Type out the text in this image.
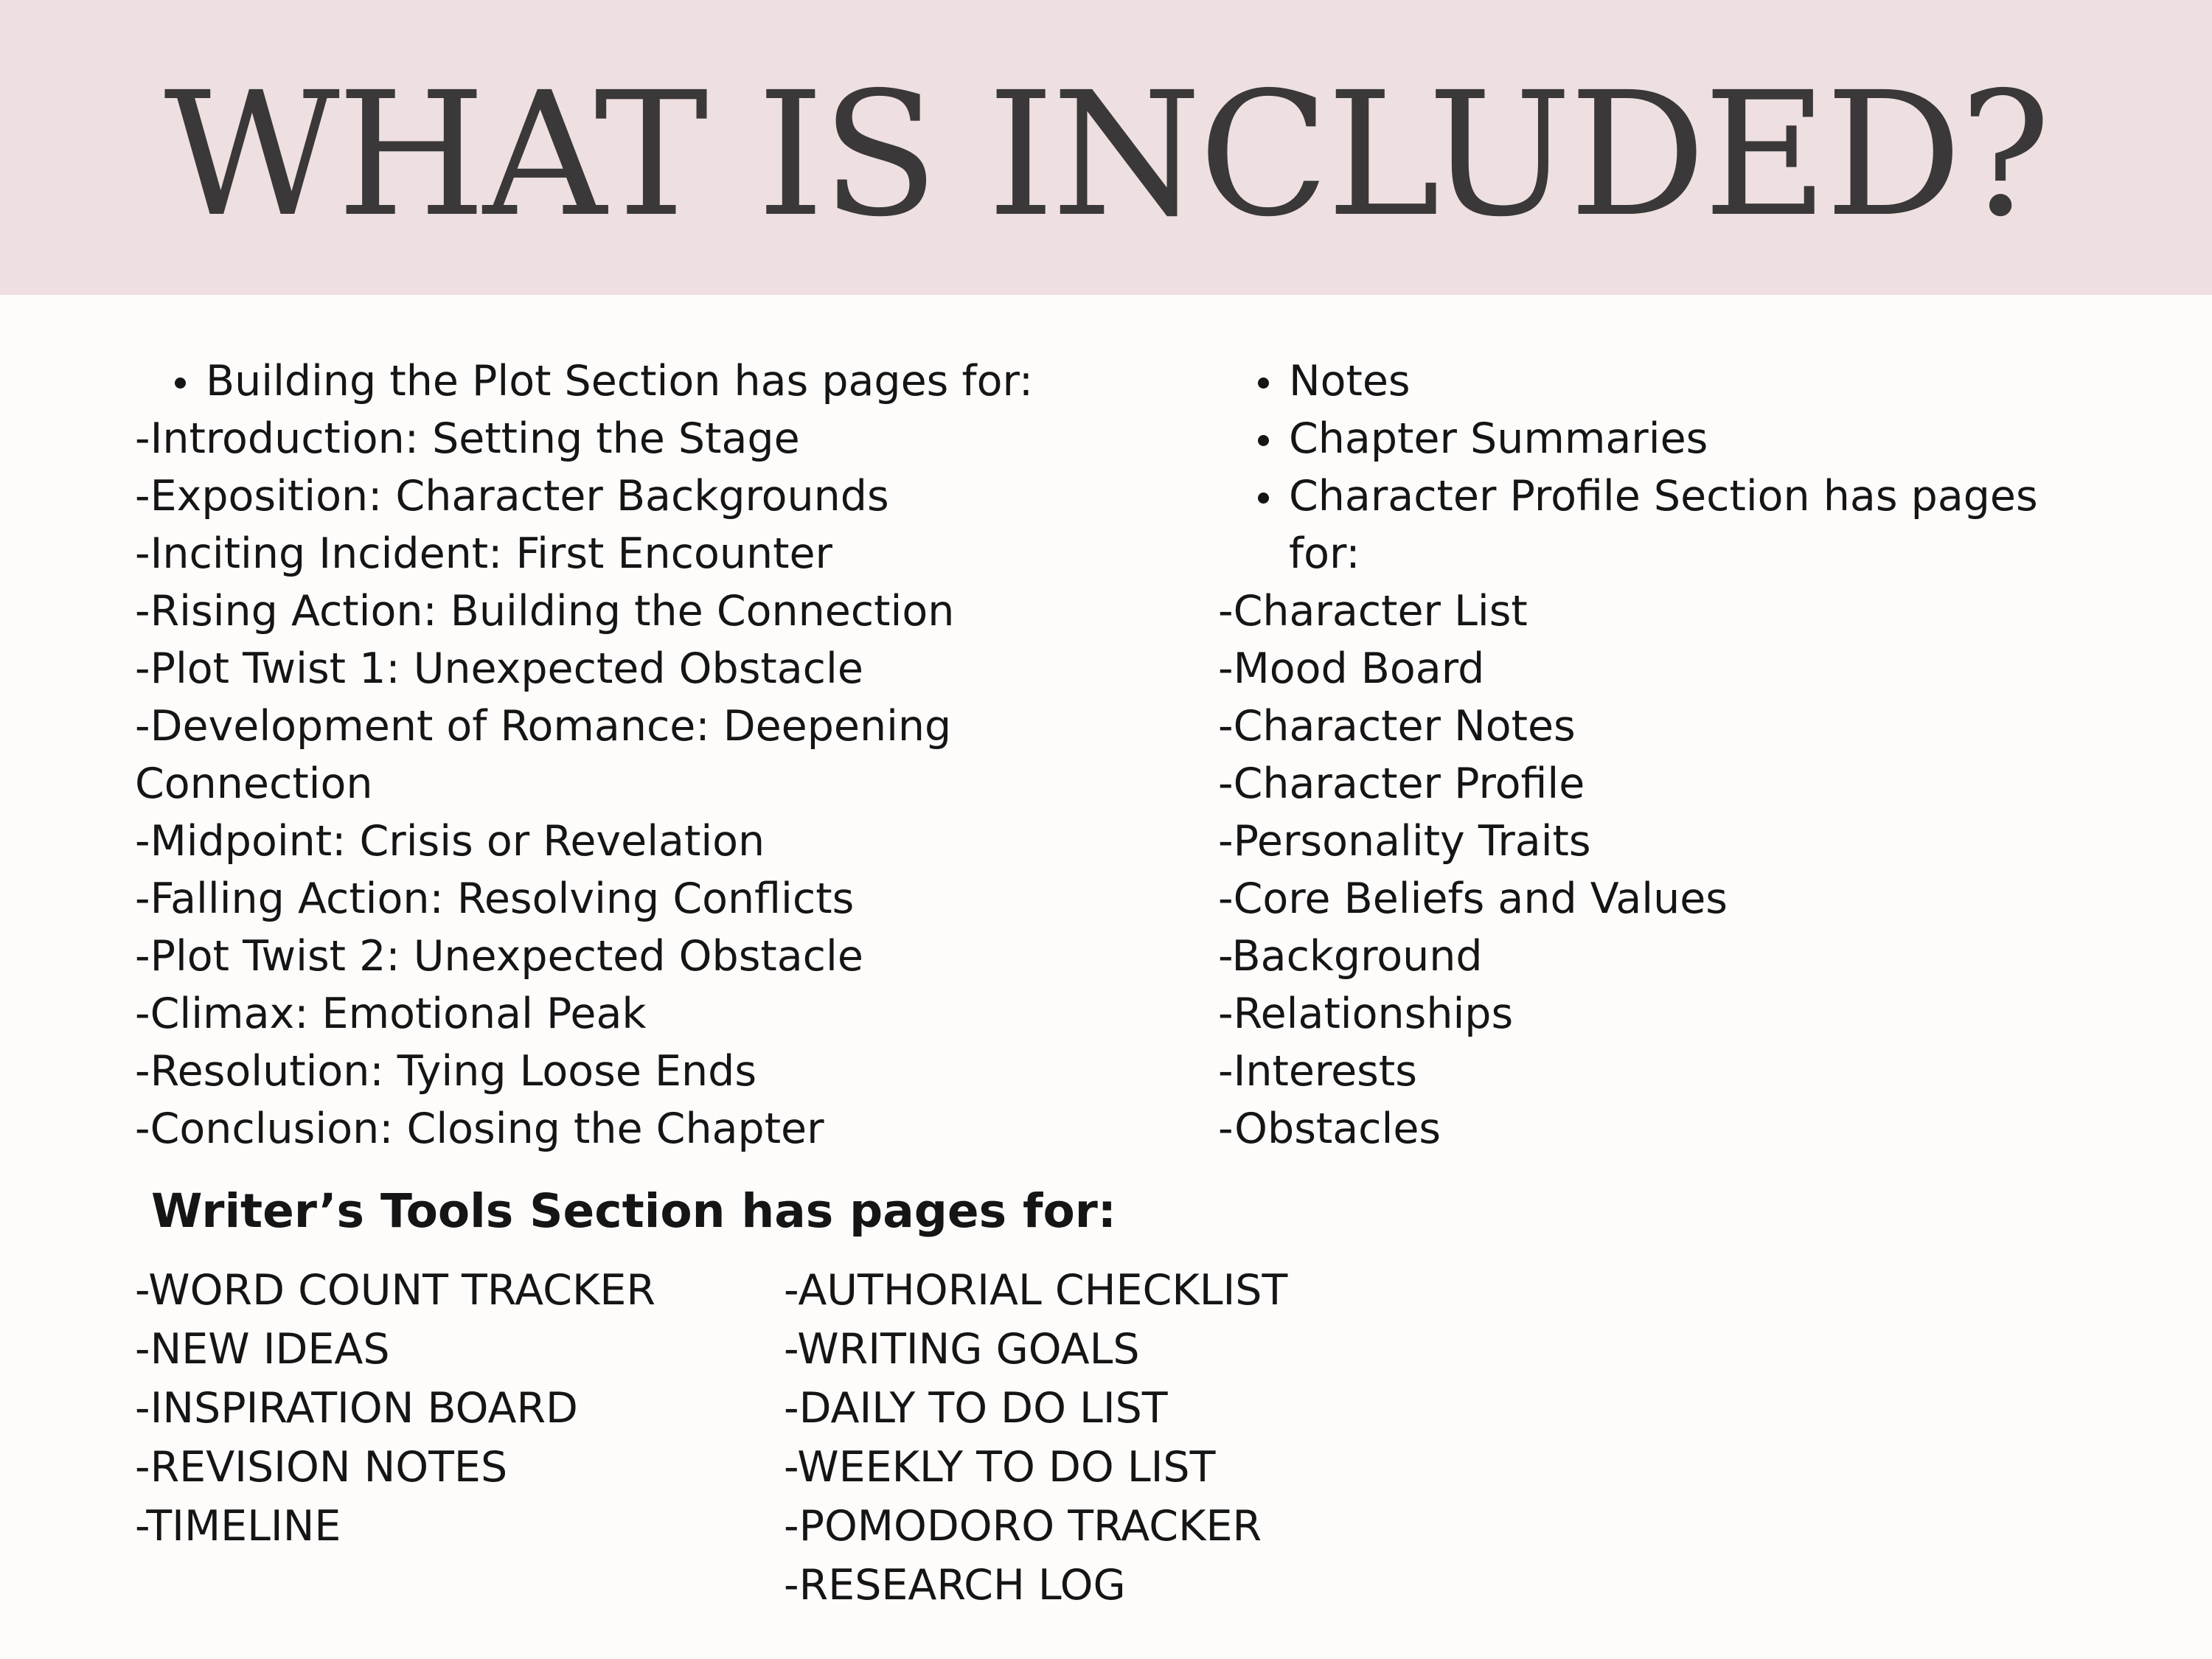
WHAT IS INCLUDED?
Building the Plot Section has pages for:
-Introduction: Setting the Stage
-Exposition: Character Backgrounds
-Inciting Incident: First Encounter
-Rising Action: Building the Connection
-Plot Twist 1: Unexpected Obstacle
-Development of Romance: Deepening
Connection
-Midpoint: Crisis or Revelation
-Falling Action: Resolving Conflicts
-Plot Twist 2: Unexpected Obstacle
-Climax: Emotional Peak
-Resolution: Tying Loose Ends
-Conclusion: Closing the Chapter
Notes
Chapter Summaries
Character Profile Section has pages
for:
-Character List
-Mood Board
-Character Notes
-Character Profile
-Personality Traits
-Core Beliefs and Values
-Background
-Relationships
-Interests
-Obstacles
Writer’s Tools Section has pages for:
-WORD COUNT TRACKER
-NEW IDEAS
-INSPIRATION BOARD
-REVISION NOTES
-TIMELINE
-AUTHORIAL CHECKLIST
-WRITING GOALS
-DAILY TO DO LIST
-WEEKLY TO DO LIST
-POMODORO TRACKER
-RESEARCH LOG
